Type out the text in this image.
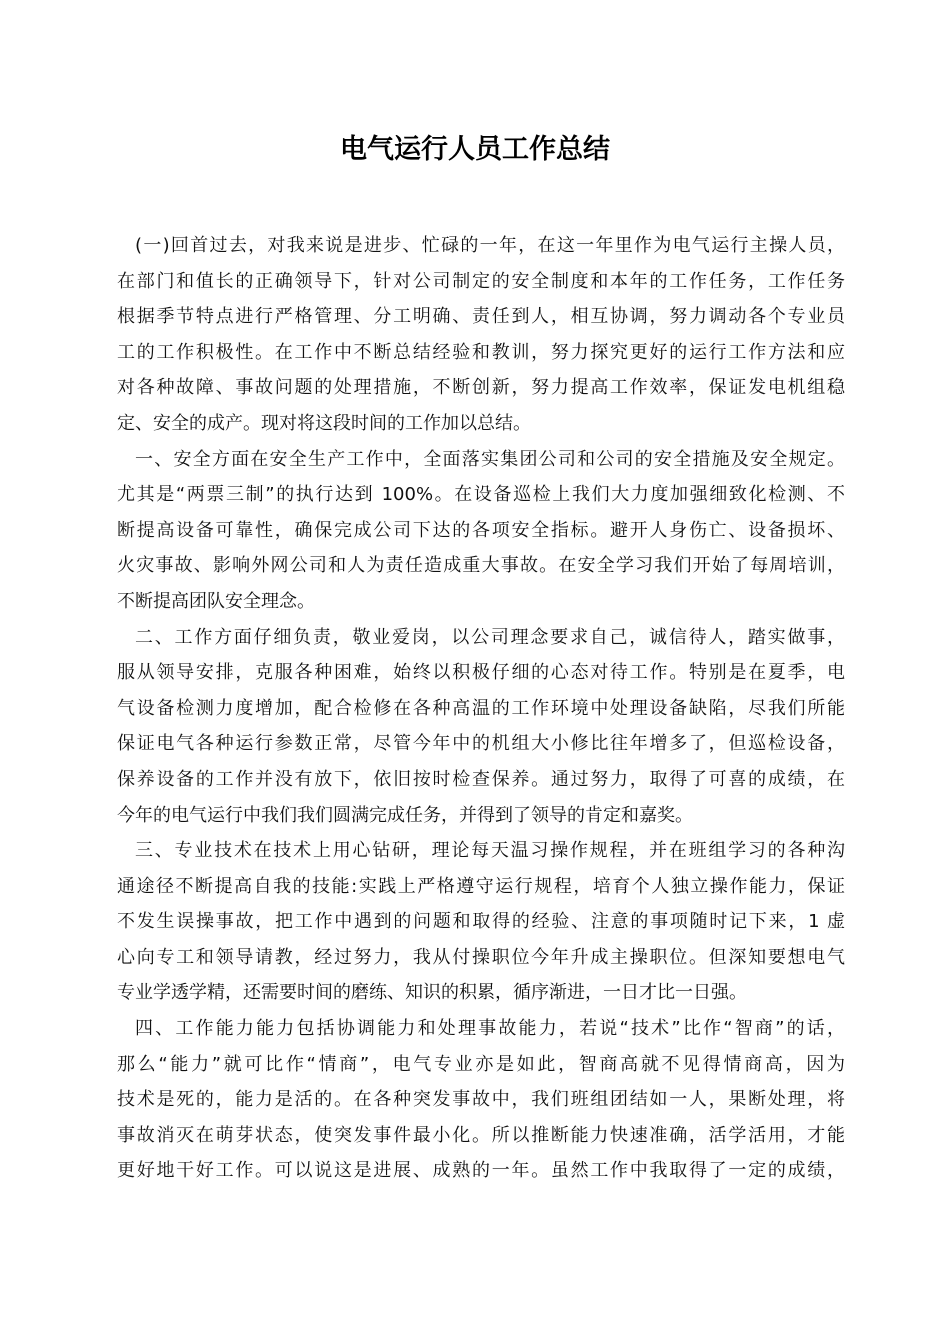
电气运行人员工作总结
(一)回首过去，对我来说是进步、忙碌的一年，在这一年里作为电气运行主操人员，
在部门和值长的正确领导下，针对公司制定的安全制度和本年的工作任务，工作任务
根据季节特点进行严格管理、分工明确、责任到人，相互协调，努力调动各个专业员
工的工作积极性。在工作中不断总结经验和教训，努力探究更好的运行工作方法和应
对各种故障、事故问题的处理措施，不断创新，努力提高工作效率，保证发电机组稳
定、安全的成产。现对将这段时间的工作加以总结。
一、安全方面在安全生产工作中，全面落实集团公司和公司的安全措施及安全规定。
尤其是“两票三制”的执行达到 100%。在设备巡检上我们大力度加强细致化检测、不
断提高设备可靠性，确保完成公司下达的各项安全指标。避开人身伤亡、设备损坏、
火灾事故、影响外网公司和人为责任造成重大事故。在安全学习我们开始了每周培训，
不断提高团队安全理念。
二、工作方面仔细负责，敬业爱岗，以公司理念要求自己，诚信待人，踏实做事，
服从领导安排，克服各种困难，始终以积极仔细的心态对待工作。特别是在夏季，电
气设备检测力度增加，配合检修在各种高温的工作环境中处理设备缺陷，尽我们所能
保证电气各种运行参数正常，尽管今年中的机组大小修比往年增多了，但巡检设备，
保养设备的工作并没有放下，依旧按时检查保养。通过努力，取得了可喜的成绩，在
今年的电气运行中我们我们圆满完成任务，并得到了领导的肯定和嘉奖。
三、专业技术在技术上用心钻研，理论每天温习操作规程，并在班组学习的各种沟
通途径不断提高自我的技能:实践上严格遵守运行规程，培育个人独立操作能力，保证
不发生误操事故，把工作中遇到的问题和取得的经验、注意的事项随时记下来，1 虚
心向专工和领导请教，经过努力，我从付操职位今年升成主操职位。但深知要想电气
专业学透学精，还需要时间的磨练、知识的积累，循序渐进，一日才比一日强。
四、工作能力能力包括协调能力和处理事故能力，若说“技术”比作“智商”的话，
那么“能力”就可比作“情商”，电气专业亦是如此，智商高就不见得情商高，因为
技术是死的，能力是活的。在各种突发事故中，我们班组团结如一人，果断处理，将
事故消灭在萌芽状态，使突发事件最小化。所以推断能力快速准确，活学活用，才能
更好地干好工作。可以说这是进展、成熟的一年。虽然工作中我取得了一定的成绩，
